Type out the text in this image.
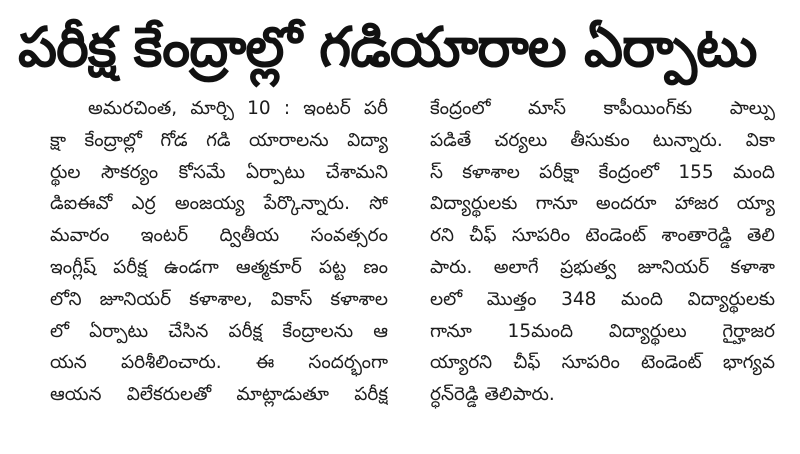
పరీక్ష కేంద్రాల్లో గడియారాల ఏర్పాటు
అమరచింత, మార్చి 10 : ఇంటర్ పరీ
క్షా కేంద్రాల్లో గోడ గడి యారాలను విద్యా
ర్థుల సౌకర్యం కోసమే ఏర్పాటు చేశామని
డిఐఈవో ఎర్ర అంజయ్య పేర్కొన్నారు. సో
మవారం ఇంటర్ ద్వితీయ సంవత్సరం
ఇంగ్లీష్ పరీక్ష ఉండగా ఆత్మకూర్ పట్ట ణం
లోని జూనియర్ కళాశాల, వికాస్ కళాశాల
లో ఏర్పాటు చేసిన పరీక్ష కేంద్రాలను ఆ
యన పరిశీలించారు. ఈ సందర్భంగా
ఆయన విలేకరులతో మాట్లాడుతూ పరీక్ష
కేంద్రంలో మాస్ కాపీయింగ్‌కు పాల్పు
పడితే చర్యలు తీసుకుం టున్నారు. వికా
స్ కళాశాల పరీక్షా కేంద్రంలో 155 మంది
విద్యార్థులకు గానూ అందరూ హాజర య్యా
రని చీఫ్ సూపరిం టెండెంట్ శాంతారెడ్డి తెలి
పారు. అలాగే ప్రభుత్వ జూనియర్ కళాశా
లలో మొత్తం 348 మంది విద్యార్థులకు
గానూ 15మంది విద్యార్థులు గైర్హాజర
య్యారని చీఫ్ సూపరిం టెండెంట్ భాగ్యవ
ర్ధన్‌రెడ్డి తెలిపారు.
